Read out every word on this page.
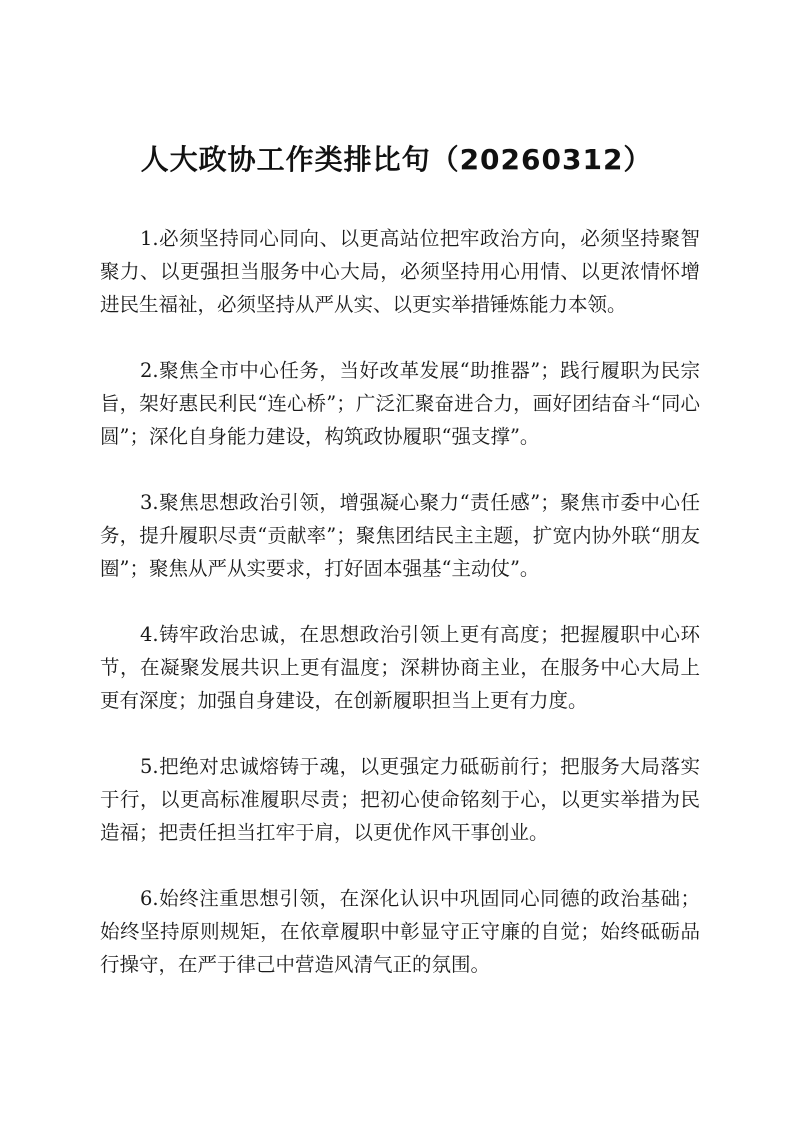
人大政协工作类排比句（20260312）

1.必须坚持同心同向、以更高站位把牢政治方向，必须坚持聚智聚力、以更强担当服务中心大局，必须坚持用心用情、以更浓情怀增进民生福祉，必须坚持从严从实、以更实举措锤炼能力本领。

2.聚焦全市中心任务，当好改革发展“助推器”；践行履职为民宗旨，架好惠民利民“连心桥”；广泛汇聚奋进合力，画好团结奋斗“同心圆”；深化自身能力建设，构筑政协履职“强支撑”。

3.聚焦思想政治引领，增强凝心聚力“责任感”；聚焦市委中心任务，提升履职尽责“贡献率”；聚焦团结民主主题，扩宽内协外联“朋友圈”；聚焦从严从实要求，打好固本强基“主动仗”。

4.铸牢政治忠诚，在思想政治引领上更有高度；把握履职中心环节，在凝聚发展共识上更有温度；深耕协商主业，在服务中心大局上更有深度；加强自身建设，在创新履职担当上更有力度。

5.把绝对忠诚熔铸于魂，以更强定力砥砺前行；把服务大局落实于行，以更高标准履职尽责；把初心使命铭刻于心，以更实举措为民造福；把责任担当扛牢于肩，以更优作风干事创业。

6.始终注重思想引领，在深化认识中巩固同心同德的政治基础；始终坚持原则规矩，在依章履职中彰显守正守廉的自觉；始终砥砺品行操守，在严于律己中营造风清气正的氛围。
